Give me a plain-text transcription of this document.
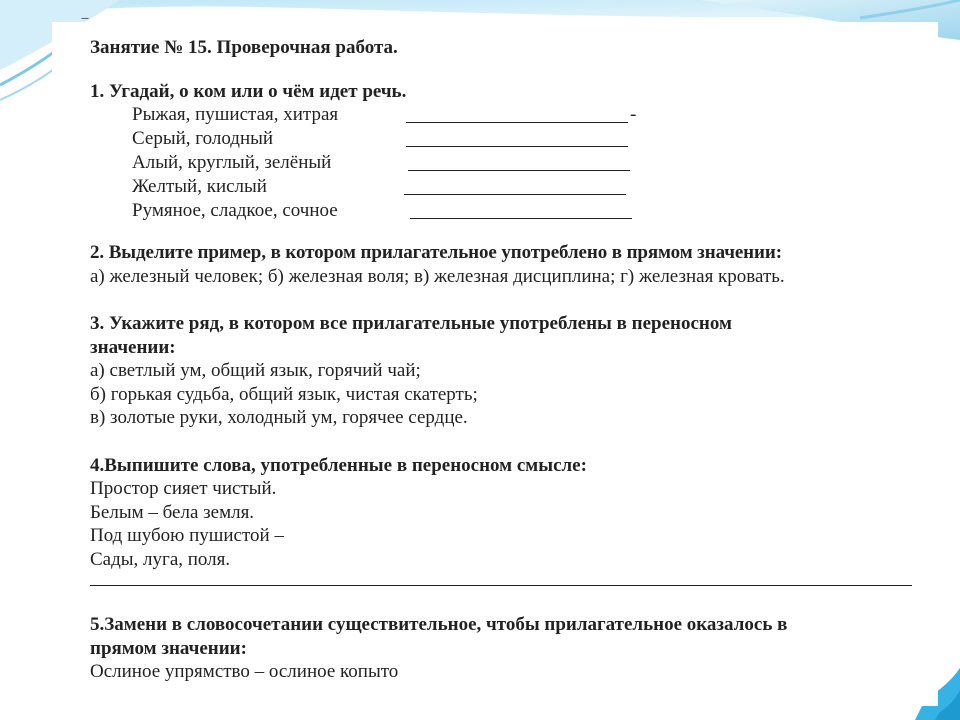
‾
Занятие № 15. Проверочная работа.
1. Угадай, о ком или о чём идет речь.
Рыжая, пушистая, хитрая	-
Серый, голодный
Алый, круглый, зелёный
Желтый, кислый
Румяное, сладкое, сочное
2. Выделите пример, в котором прилагательное употреблено в прямом значении:
а) железный человек; б) железная воля; в) железная дисциплина; г) железная кровать.
3. Укажите ряд, в котором все прилагательные употреблены в переносном
значении:
а) светлый ум, общий язык, горячий чай;
б) горькая судьба, общий язык, чистая скатерть;
в) золотые руки, холодный ум, горячее сердце.
4.Выпишите слова, употребленные в переносном смысле:
Простор сияет чистый.
Белым – бела земля.
Под шубою пушистой –
Сады, луга, поля.
5.Замени в словосочетании существительное, чтобы прилагательное оказалось в
прямом значении:
Ослиное упрямство – ослиное копыто
